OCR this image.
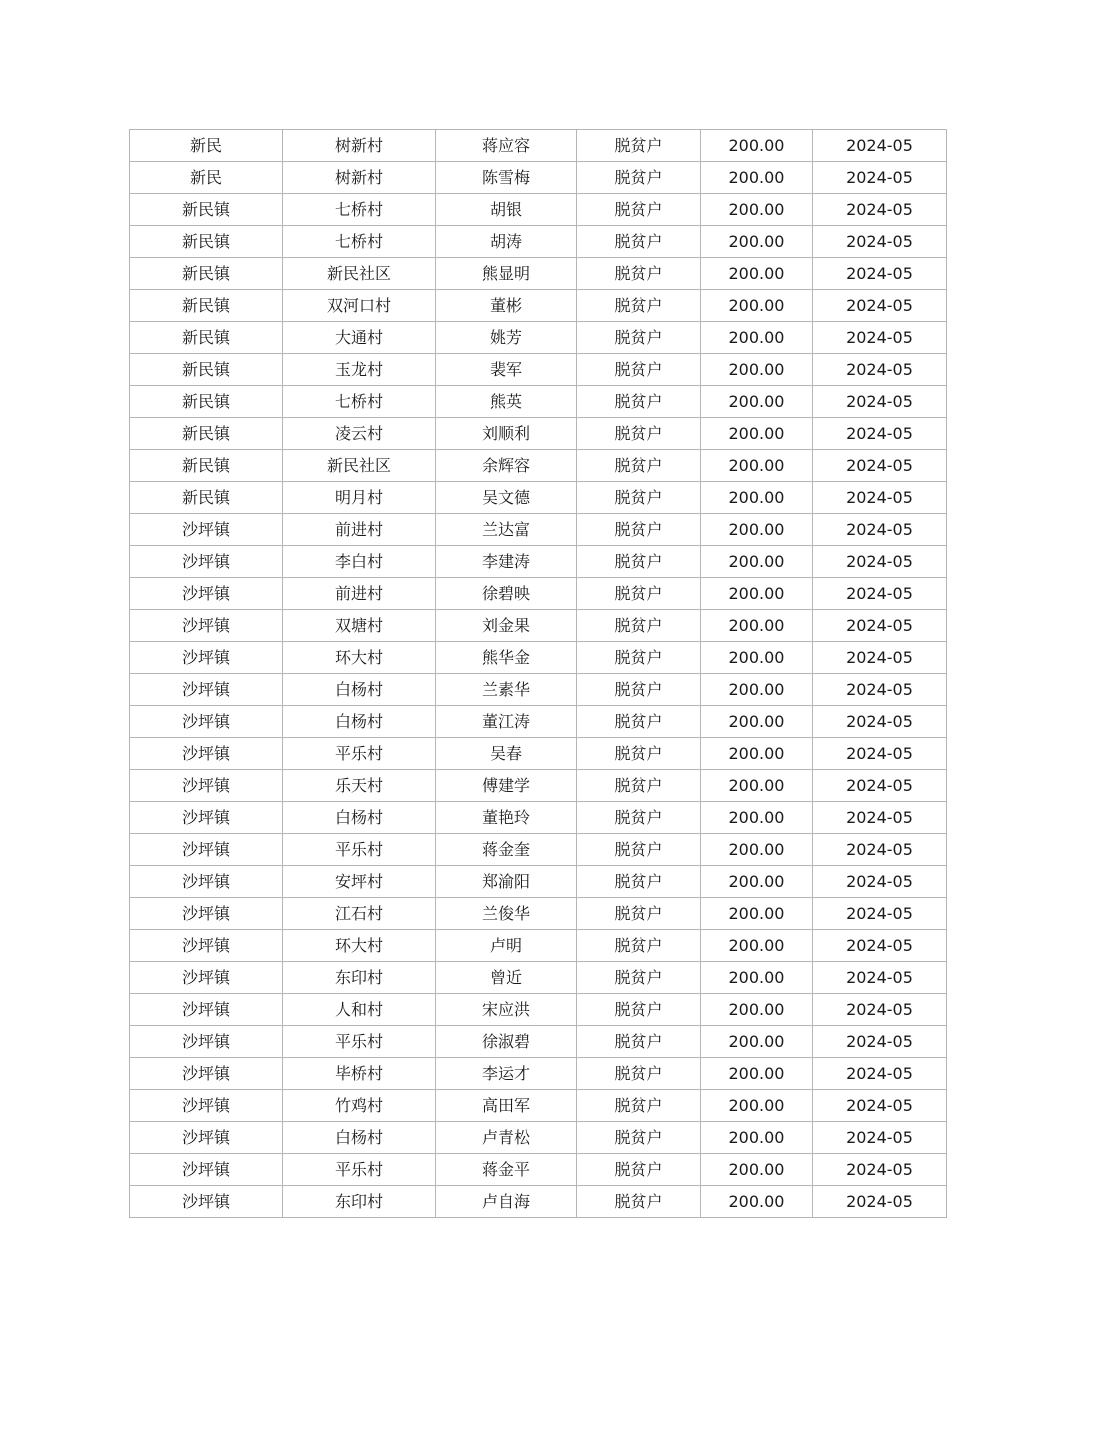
新民	树新村	蒋应容	脱贫户	200.00	2024-05
新民	树新村	陈雪梅	脱贫户	200.00	2024-05
新民镇	七桥村	胡银	脱贫户	200.00	2024-05
新民镇	七桥村	胡涛	脱贫户	200.00	2024-05
新民镇	新民社区	熊显明	脱贫户	200.00	2024-05
新民镇	双河口村	董彬	脱贫户	200.00	2024-05
新民镇	大通村	姚芳	脱贫户	200.00	2024-05
新民镇	玉龙村	裴军	脱贫户	200.00	2024-05
新民镇	七桥村	熊英	脱贫户	200.00	2024-05
新民镇	凌云村	刘顺利	脱贫户	200.00	2024-05
新民镇	新民社区	余辉容	脱贫户	200.00	2024-05
新民镇	明月村	吴文德	脱贫户	200.00	2024-05
沙坪镇	前进村	兰达富	脱贫户	200.00	2024-05
沙坪镇	李白村	李建涛	脱贫户	200.00	2024-05
沙坪镇	前进村	徐碧映	脱贫户	200.00	2024-05
沙坪镇	双塘村	刘金果	脱贫户	200.00	2024-05
沙坪镇	环大村	熊华金	脱贫户	200.00	2024-05
沙坪镇	白杨村	兰素华	脱贫户	200.00	2024-05
沙坪镇	白杨村	董江涛	脱贫户	200.00	2024-05
沙坪镇	平乐村	吴春	脱贫户	200.00	2024-05
沙坪镇	乐天村	傅建学	脱贫户	200.00	2024-05
沙坪镇	白杨村	董艳玲	脱贫户	200.00	2024-05
沙坪镇	平乐村	蒋金奎	脱贫户	200.00	2024-05
沙坪镇	安坪村	郑渝阳	脱贫户	200.00	2024-05
沙坪镇	江石村	兰俊华	脱贫户	200.00	2024-05
沙坪镇	环大村	卢明	脱贫户	200.00	2024-05
沙坪镇	东印村	曾近	脱贫户	200.00	2024-05
沙坪镇	人和村	宋应洪	脱贫户	200.00	2024-05
沙坪镇	平乐村	徐淑碧	脱贫户	200.00	2024-05
沙坪镇	毕桥村	李运才	脱贫户	200.00	2024-05
沙坪镇	竹鸡村	高田军	脱贫户	200.00	2024-05
沙坪镇	白杨村	卢青松	脱贫户	200.00	2024-05
沙坪镇	平乐村	蒋金平	脱贫户	200.00	2024-05
沙坪镇	东印村	卢自海	脱贫户	200.00	2024-05
